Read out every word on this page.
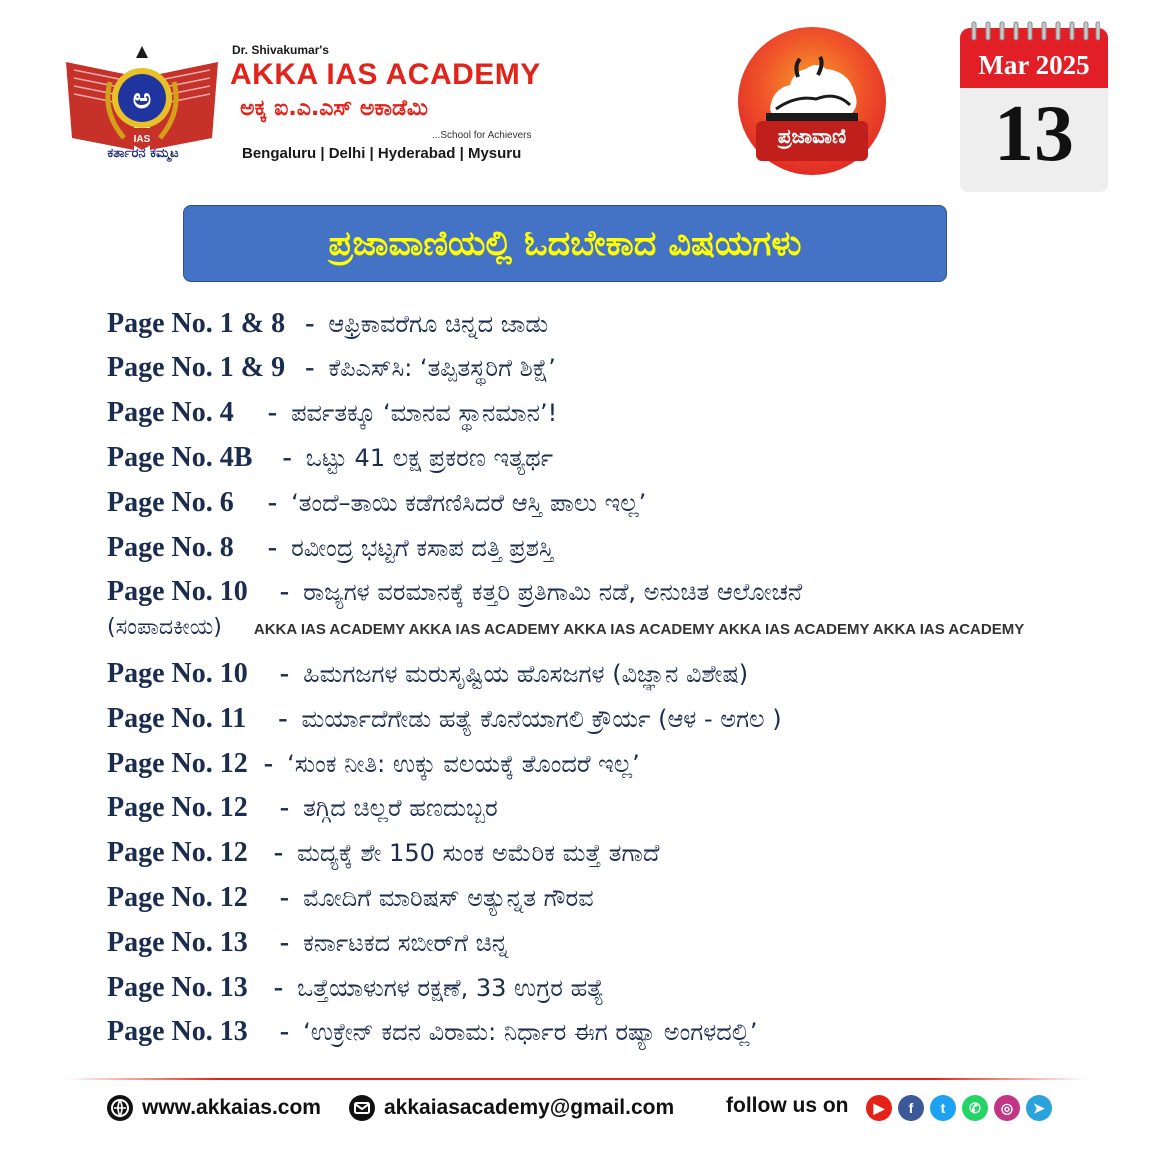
ಅ
IAS
ಕರ್ತಾರನ ಕಮ್ಮಟ
Dr. Shivakumar's
AKKA IAS ACADEMY
ಅಕ್ಕ ಐ.ಎ.ಎಸ್ ಅಕಾಡೆಮಿ
...School for Achievers
Bengaluru | Delhi | Hyderabad | Mysuru
ಪ್ರಜಾವಾಣಿ
Mar 2025
13
ಪ್ರಜಾವಾಣಿಯಲ್ಲಿ ಓದಬೇಕಾದ ವಿಷಯಗಳು
Page No. 1 & 8 - ಆಫ್ರಿಕಾವರೆಗೂ ಚಿನ್ನದ ಜಾಡು
Page No. 1 & 9 - ಕೆಪಿಎಸ್‌ಸಿ: ‘ತಪ್ಪಿತಸ್ಥರಿಗೆ ಶಿಕ್ಷೆ’
Page No. 4 - ಪರ್ವತಕ್ಕೂ ‘ಮಾನವ ಸ್ಥಾನಮಾನ’!
Page No. 4B - ಒಟ್ಟು 41 ಲಕ್ಷ ಪ್ರಕರಣ ಇತ್ಯರ್ಥ
Page No. 6 - ‘ತಂದೆ–ತಾಯಿ ಕಡೆಗಣಿಸಿದರೆ ಆಸ್ತಿ ಪಾಲು ಇಲ್ಲ’
Page No. 8 - ರವೀಂದ್ರ ಭಟ್ಟಗೆ ಕಸಾಪ ದತ್ತಿ ಪ್ರಶಸ್ತಿ
Page No. 10 - ರಾಜ್ಯಗಳ ವರಮಾನಕ್ಕೆ ಕತ್ತರಿ ಪ್ರತಿಗಾಮಿ ನಡೆ, ಅನುಚಿತ ಆಲೋಚನೆ
(ಸಂಪಾದಕೀಯ) AKKA IAS ACADEMY AKKA IAS ACADEMY AKKA IAS ACADEMY AKKA IAS ACADEMY AKKA IAS ACADEMY
Page No. 10 - ಹಿಮಗಜಗಳ ಮರುಸೃಷ್ಟಿಯ ಹೊಸಜಗಳ (ವಿಜ್ಞಾನ ವಿಶೇಷ)
Page No. 11 - ಮರ್ಯಾದೆಗೇಡು ಹತ್ಯೆ ಕೊನೆಯಾಗಲಿ ಕ್ರೌರ್ಯ (ಆಳ - ಅಗಲ )
Page No. 12 - ‘ಸುಂಕ ನೀತಿ: ಉಕ್ಕು ವಲಯಕ್ಕೆ ತೊಂದರೆ ಇಲ್ಲ’
Page No. 12 - ತಗ್ಗಿದ ಚಿಲ್ಲರೆ ಹಣದುಬ್ಬರ
Page No. 12 - ಮದ್ಯಕ್ಕೆ ಶೇ 150 ಸುಂಕ ಅಮೆರಿಕ ಮತ್ತೆ ತಗಾದೆ
Page No. 12 - ಮೋದಿಗೆ ಮಾರಿಷಸ್ ಅತ್ಯುನ್ನತ ಗೌರವ
Page No. 13 - ಕರ್ನಾಟಕದ ಸಬೀರ್‌ಗೆ ಚಿನ್ನ
Page No. 13 - ಒತ್ತೆಯಾಳುಗಳ ರಕ್ಷಣೆ, 33 ಉಗ್ರರ ಹತ್ಯೆ
Page No. 13 - ‘ಉಕ್ರೇನ್ ಕದನ ವಿರಾಮ: ನಿರ್ಧಾರ ಈಗ ರಷ್ಯಾ ಅಂಗಳದಲ್ಲಿ’
www.akkaias.com	akkaiasacademy@gmail.com follow us on	▶	f	t	✆	◎	➤
